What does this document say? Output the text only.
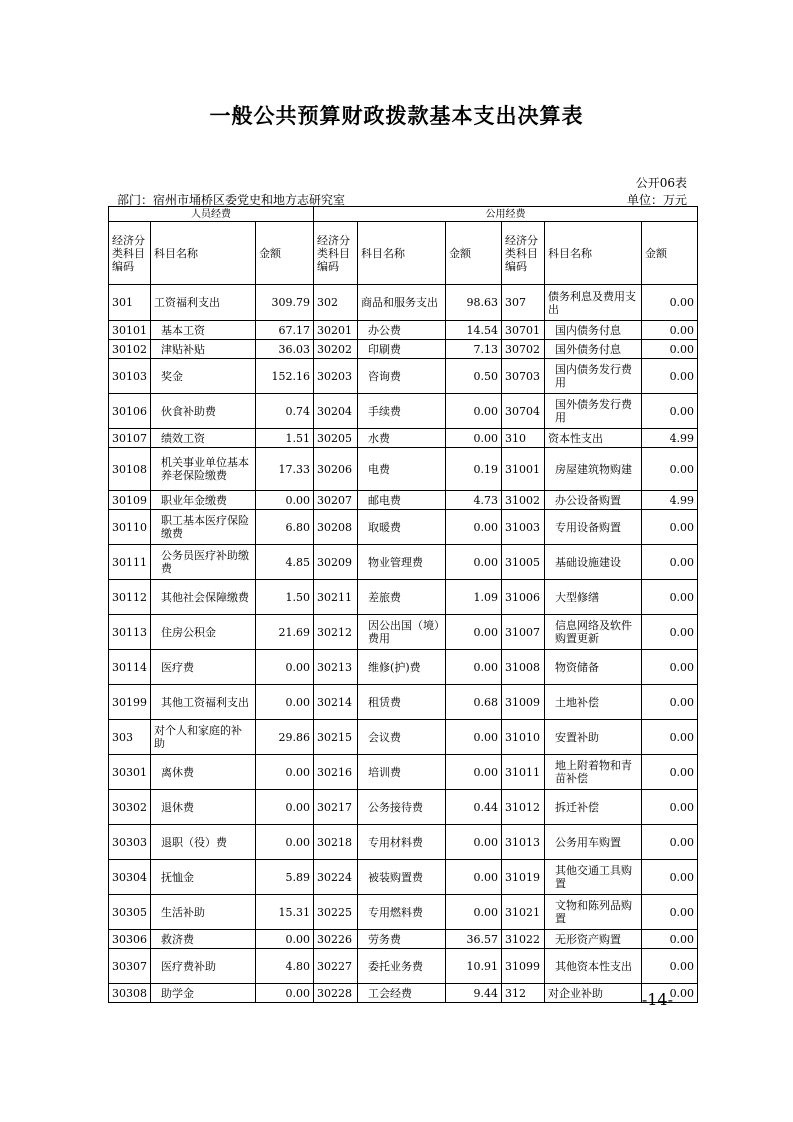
一般公共预算财政拨款基本支出决算表
公开06表
部门：宿州市埇桥区委党史和地方志研究室	单位：万元
人员经费			公用经费					
经济分类科目编码	科目名称	金额	经济分类科目编码	科目名称	金额	经济分类科目编码	科目名称	金额
301	工资福利支出	309.79	302	商品和服务支出	98.63	307	债务利息及费用支出	0.00
30101	基本工资	67.17	30201	办公费	14.54	30701	国内债务付息	0.00
30102	津贴补贴	36.03	30202	印刷费	7.13	30702	国外债务付息	0.00
30103	奖金	152.16	30203	咨询费	0.50	30703	国内债务发行费用	0.00
30106	伙食补助费	0.74	30204	手续费	0.00	30704	国外债务发行费用	0.00
30107	绩效工资	1.51	30205	水费	0.00	310	资本性支出	4.99
30108	机关事业单位基本养老保险缴费	17.33	30206	电费	0.19	31001	房屋建筑物购建	0.00
30109	职业年金缴费	0.00	30207	邮电费	4.73	31002	办公设备购置	4.99
30110	职工基本医疗保险缴费	6.80	30208	取暖费	0.00	31003	专用设备购置	0.00
30111	公务员医疗补助缴费	4.85	30209	物业管理费	0.00	31005	基础设施建设	0.00
30112	其他社会保障缴费	1.50	30211	差旅费	1.09	31006	大型修缮	0.00
30113	住房公积金	21.69	30212	因公出国（境）费用	0.00	31007	信息网络及软件购置更新	0.00
30114	医疗费	0.00	30213	维修(护)费	0.00	31008	物资储备	0.00
30199	其他工资福利支出	0.00	30214	租赁费	0.68	31009	土地补偿	0.00
303	对个人和家庭的补助	29.86	30215	会议费	0.00	31010	安置补助	0.00
30301	离休费	0.00	30216	培训费	0.00	31011	地上附着物和青苗补偿	0.00
30302	退休费	0.00	30217	公务接待费	0.44	31012	拆迁补偿	0.00
30303	退职（役）费	0.00	30218	专用材料费	0.00	31013	公务用车购置	0.00
30304	抚恤金	5.89	30224	被装购置费	0.00	31019	其他交通工具购置	0.00
30305	生活补助	15.31	30225	专用燃料费	0.00	31021	文物和陈列品购置	0.00
30306	救济费	0.00	30226	劳务费	36.57	31022	无形资产购置	0.00
30307	医疗费补助	4.80	30227	委托业务费	10.91	31099	其他资本性支出	0.00
30308	助学金	0.00	30228	工会经费	9.44	312	对企业补助	0.00
-14-
